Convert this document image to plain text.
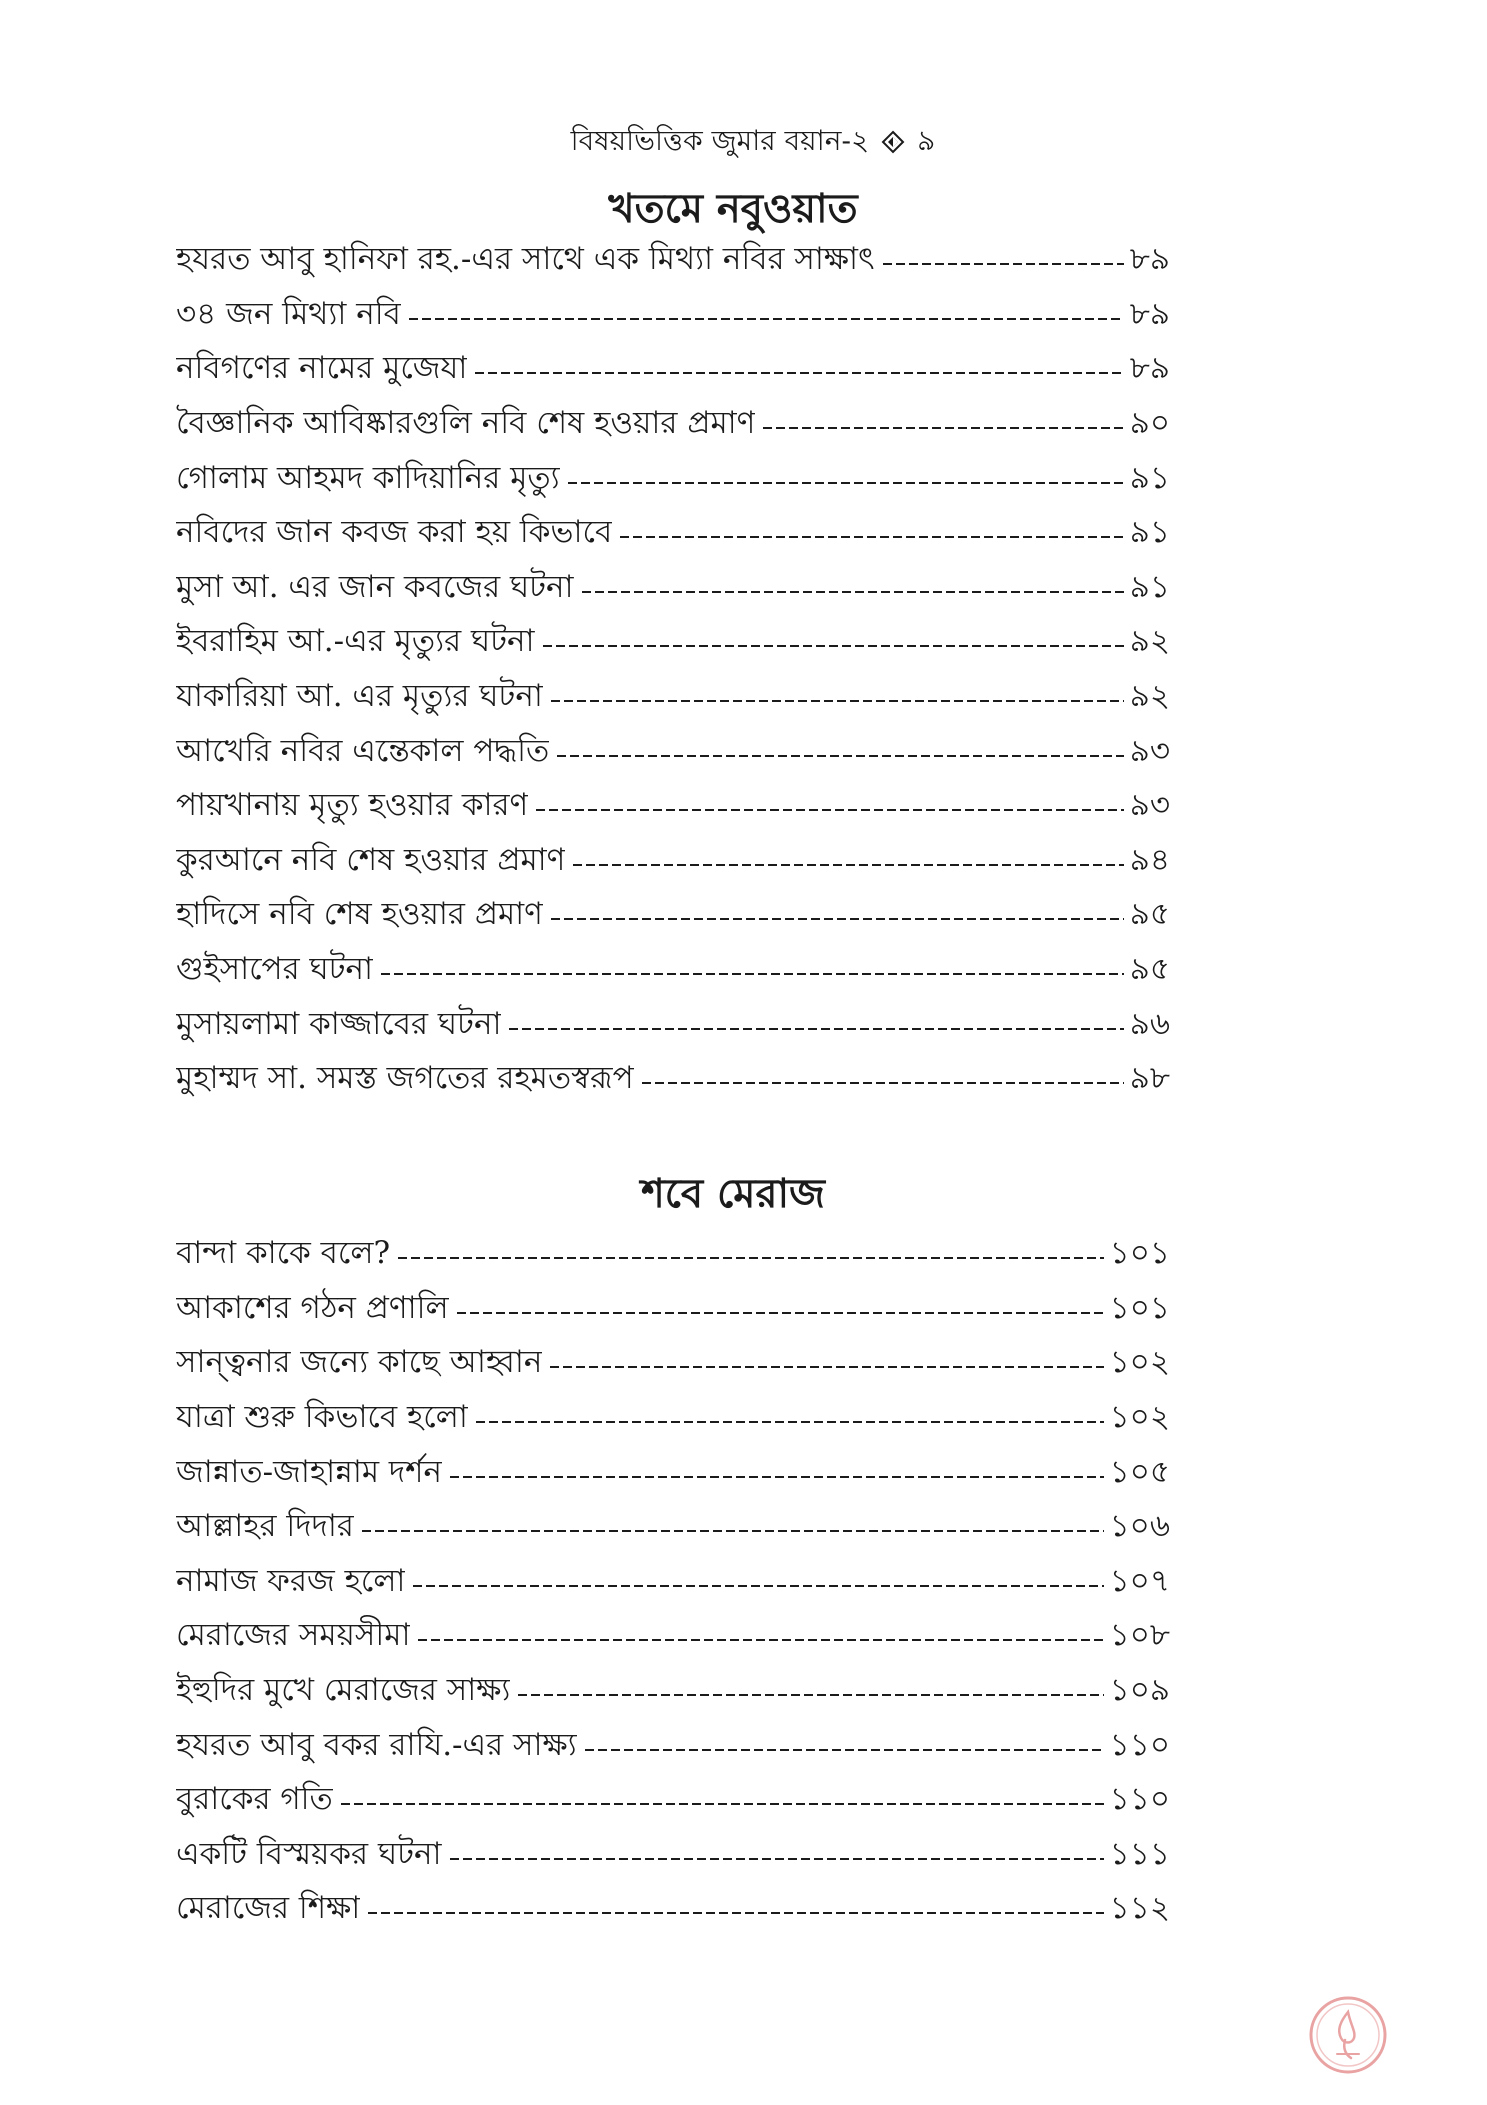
বিষয়ভিত্তিক জুমার বয়ান-২ ৯
খতমে নবুওয়াত
হযরত আবু হানিফা রহ.-এর সাথে এক মিথ্যা নবির সাক্ষাৎ	৮৯
৩৪ জন মিথ্যা নবি	৮৯
নবিগণের নামের মুজেযা	৮৯
বৈজ্ঞানিক আবিষ্কারগুলি নবি শেষ হওয়ার প্রমাণ	৯০
গোলাম আহমদ কাদিয়ানির মৃত্যু	৯১
নবিদের জান কবজ করা হয় কিভাবে	৯১
মুসা আ. এর জান কবজের ঘটনা	৯১
ইবরাহিম আ.-এর মৃত্যুর ঘটনা	৯২
যাকারিয়া আ. এর মৃত্যুর ঘটনা	৯২
আখেরি নবির এন্তেকাল পদ্ধতি	৯৩
পায়খানায় মৃত্যু হওয়ার কারণ	৯৩
কুরআনে নবি শেষ হওয়ার প্রমাণ	৯৪
হাদিসে নবি শেষ হওয়ার প্রমাণ	৯৫
গুইসাপের ঘটনা	৯৫
মুসায়লামা কাজ্জাবের ঘটনা	৯৬
মুহাম্মদ সা. সমস্ত জগতের রহমতস্বরূপ	৯৮
শবে মেরাজ
বান্দা কাকে বলে?	১০১
আকাশের গঠন প্রণালি	১০১
সান্ত্বনার জন্যে কাছে আহ্বান	১০২
যাত্রা শুরু কিভাবে হলো	১০২
জান্নাত-জাহান্নাম দর্শন	১০৫
আল্লাহর দিদার	১০৬
নামাজ ফরজ হলো	১০৭
মেরাজের সময়সীমা	১০৮
ইহুদির মুখে মেরাজের সাক্ষ্য	১০৯
হযরত আবু বকর রাযি.-এর সাক্ষ্য	১১০
বুরাকের গতি	১১০
একটি বিস্ময়কর ঘটনা	১১১
মেরাজের শিক্ষা	১১২
